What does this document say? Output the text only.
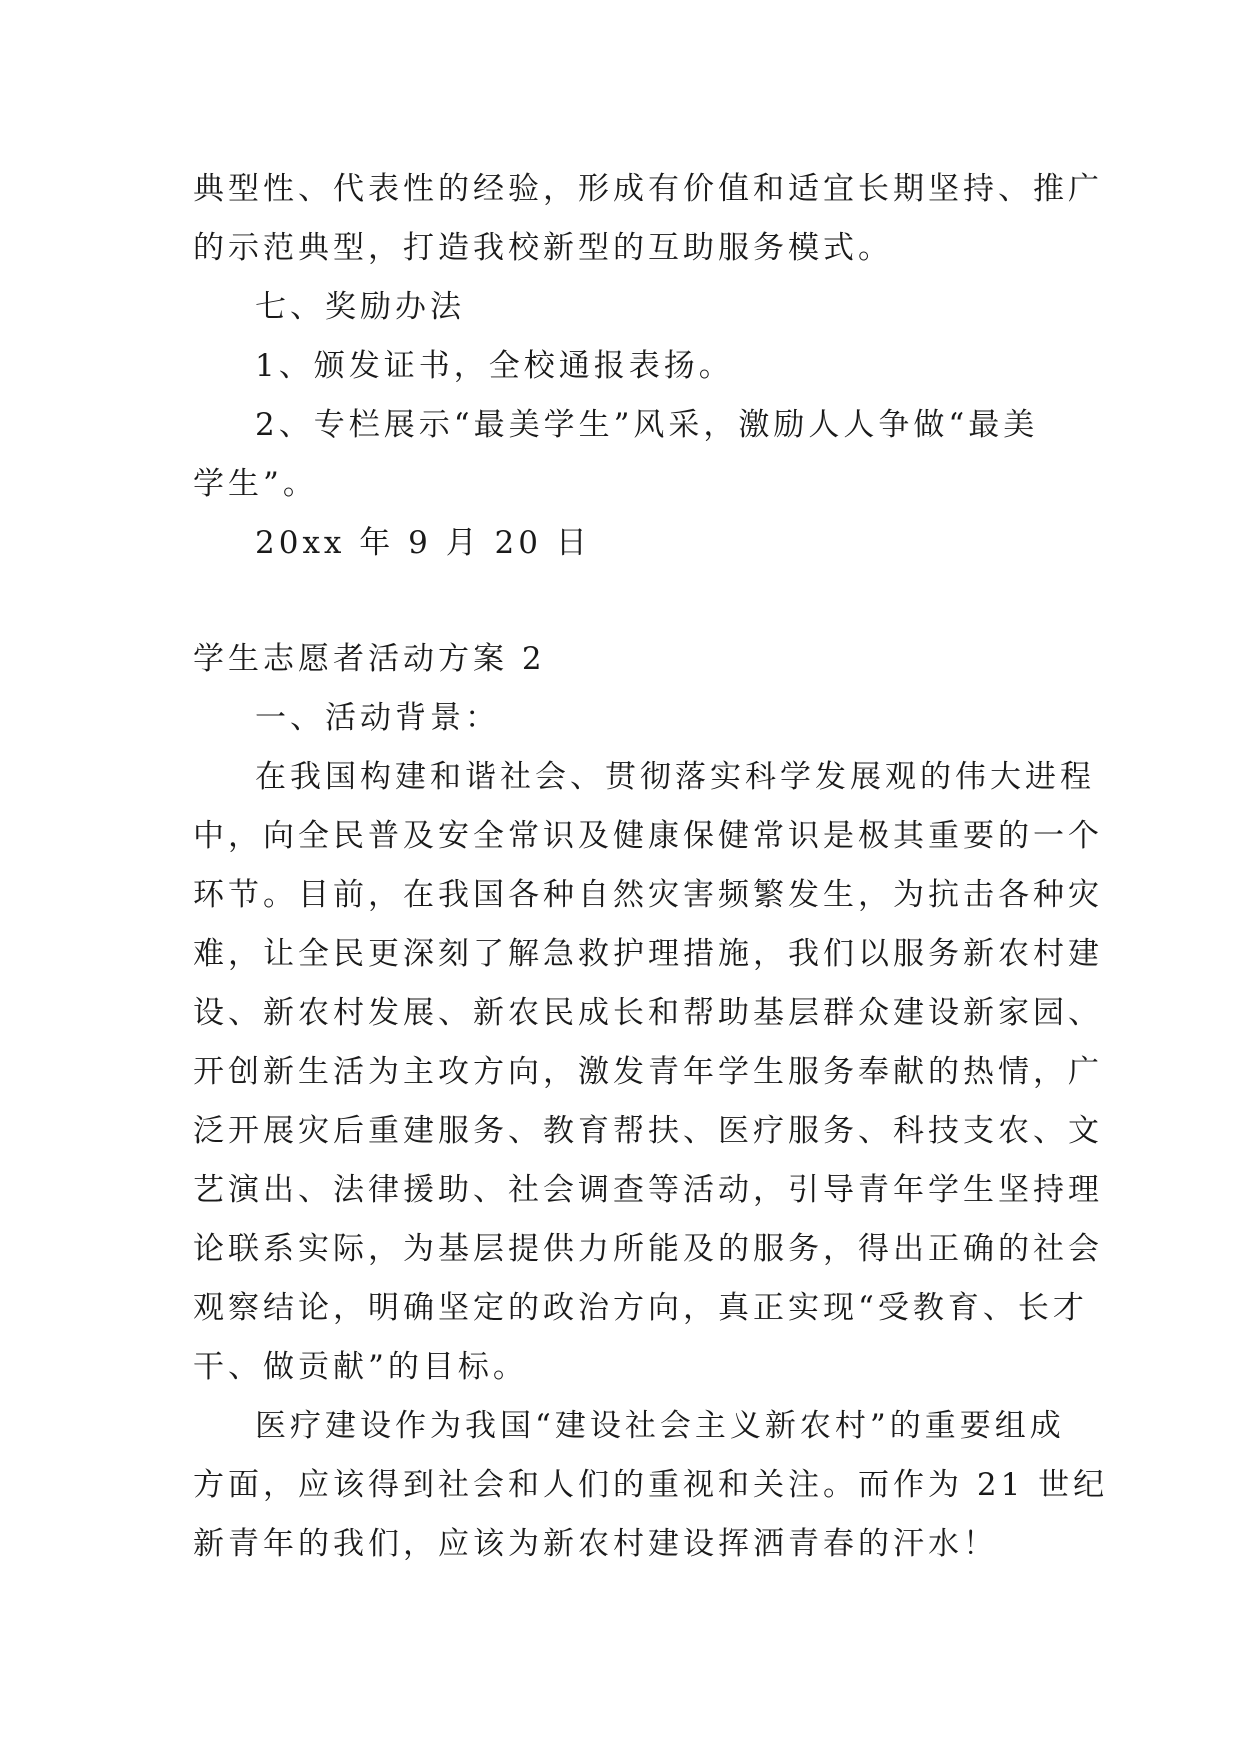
典型性、代表性的经验，形成有价值和适宜长期坚持、推广
的示范典型，打造我校新型的互助服务模式。
七、奖励办法
1、颁发证书，全校通报表扬。
2、专栏展示“最美学生”风采，激励人人争做“最美
学生”。
20xx 年 9 月 20 日
学生志愿者活动方案 2
一、活动背景：
在我国构建和谐社会、贯彻落实科学发展观的伟大进程
中，向全民普及安全常识及健康保健常识是极其重要的一个
环节。目前，在我国各种自然灾害频繁发生，为抗击各种灾
难，让全民更深刻了解急救护理措施，我们以服务新农村建
设、新农村发展、新农民成长和帮助基层群众建设新家园、
开创新生活为主攻方向，激发青年学生服务奉献的热情，广
泛开展灾后重建服务、教育帮扶、医疗服务、科技支农、文
艺演出、法律援助、社会调查等活动，引导青年学生坚持理
论联系实际，为基层提供力所能及的服务，得出正确的社会
观察结论，明确坚定的政治方向，真正实现“受教育、长才
干、做贡献”的目标。
医疗建设作为我国“建设社会主义新农村”的重要组成
方面，应该得到社会和人们的重视和关注。而作为 21 世纪
新青年的我们，应该为新农村建设挥洒青春的汗水！
